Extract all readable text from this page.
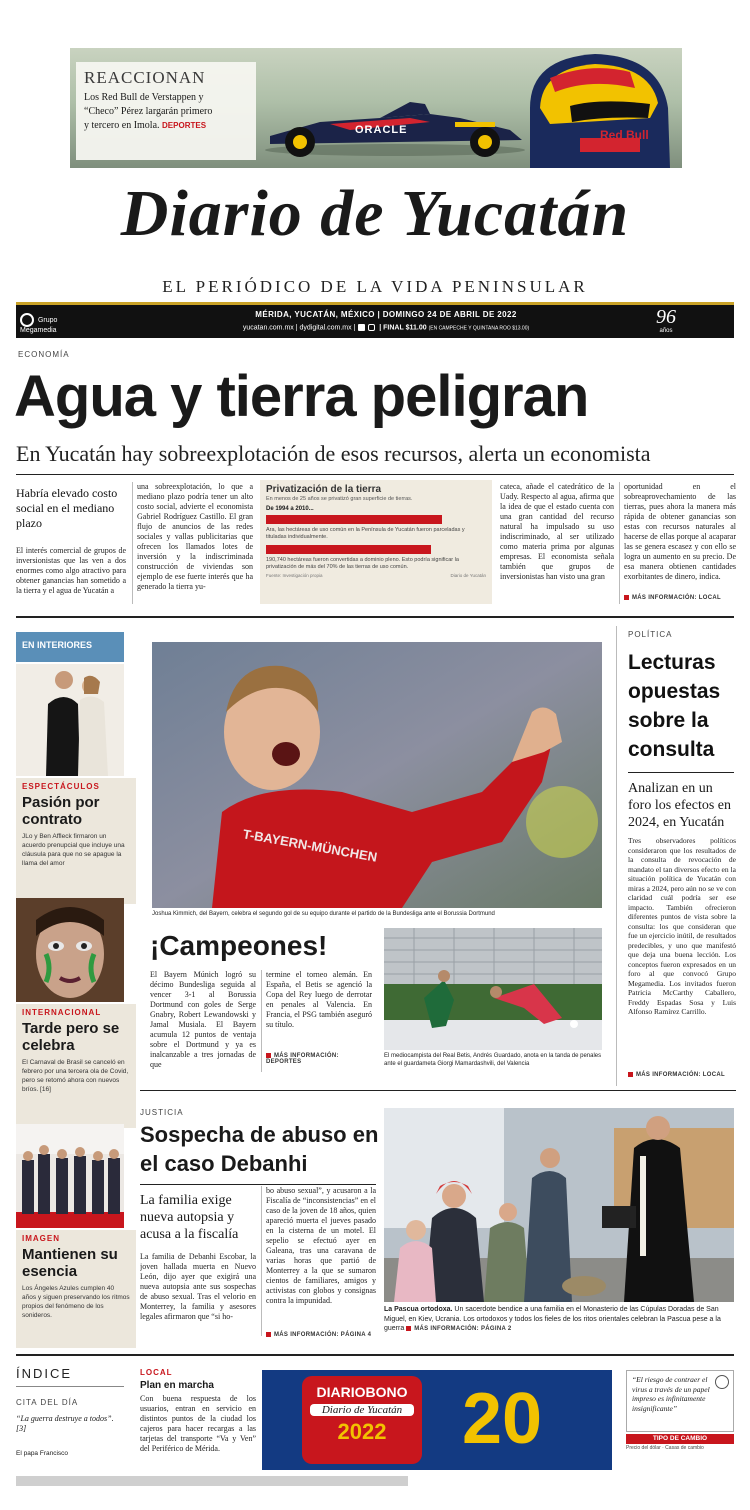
ORACLE	Red Bull
REACCIONAN
Los Red Bull de Verstappen y
“Checo” Pérez largarán primero
y tercero en Imola. DEPORTES
Diario de Yucatán
EL PERIÓDICO DE LA VIDA PENINSULAR
Grupo Megamedia
MÉRIDA, YUCATÁN, MÉXICO | DOMINGO 24 DE ABRIL DE 2022
yucatan.com.mx | dydigital.com.mx |	| FINAL $11.00 (EN CAMPECHE Y QUINTANA ROO $13.00)
96
años
ECONOMÍA
Agua y tierra peligran
En Yucatán hay sobreexplotación de esos recursos, alerta un economista
Habría elevado costo social en el mediano plazo
El interés comercial de grupos de inversionistas que las ven a dos enormes como algo atractivo para obtener ganancias han sometido a la tierra y el agua de Yucatán a
una sobreexplotación, lo que a mediano plazo podría tener un alto costo social, advierte el economista Gabriel Rodríguez Castillo. El gran flujo de anuncios de las redes sociales y vallas publicitarias que ofrecen los llamados lotes de inversión y la indiscriminada construcción de viviendas son ejemplo de ese fuerte interés que ha generado la tierra yu-
Privatización de la tierra
En menos de 25 años se privatizó gran superficie de tierras.
De 1994 a 2010...
Ara, las hectáreas de uso común en la Península de Yucatán fueron parceladas y tituladas individualmente.
190,740 hectáreas fueron convertidas a dominio pleno. Esto podría significar la privatización de más del 70% de las tierras de uso común.
Fuente: Investigación propia	Diario de Yucatán
cateca, añade el catedrático de la Uady. Respecto al agua, afirma que la idea de que el estado cuenta con una gran cantidad del recurso natural ha impulsado su uso indiscriminado, al ser utilizado como materia prima por algunas empresas. El economista señala también que grupos de inversionistas han visto una gran
oportunidad en el sobreaprovechamiento de las tierras, pues ahora la manera más rápida de obtener ganancias son estas con recursos naturales al hacerse de ellas porque al acaparar las se genera escasez y con ello se logra un aumento en su precio. De esa manera obtienen cantidades exorbitantes de dinero, indica.
MÁS INFORMACIÓN: LOCAL
EN INTERIORES
ESPECTÁCULOS
Pasión por contrato
JLo y Ben Affleck firmaron un acuerdo prenupcial que incluye una cláusula para que no se apague la llama del amor
INTERNACIONAL
Tarde pero se celebra
El Carnaval de Brasil se canceló en febrero por una tercera ola de Covid, pero se retomó ahora con nuevos bríos. [16]
IMAGEN
Mantienen su esencia
Los Ángeles Azules cumplen 40 años y siguen preservando los ritmos propios del fenómeno de los sonideros.
T-BAYERN-MÜNCHEN
Joshua Kimmich, del Bayern, celebra el segundo gol de su equipo durante el partido de la Bundesliga ante el Borussia Dortmund
¡Campeones!
El Bayern Múnich logró su décimo Bundesliga seguida al vencer 3-1 al Borussia Dortmund con goles de Serge Gnabry, Robert Lewandowski y Jamal Musiala. El Bayern acumula 12 puntos de ventaja sobre el Dortmund y ya es inalcanzable a tres jornadas de que
termine el torneo alemán. En España, el Betis se agenció la Copa del Rey luego de derrotar en penales al Valencia. En Francia, el PSG también aseguró su título.
MÁS INFORMACIÓN: DEPORTES
El mediocampista del Real Betis, Andrés Guardado, anota en la tanda de penales ante el guardameta Giorgi Mamardashvili, del Valencia
POLÍTICA
Lecturas opuestas sobre la consulta
Analizan en un foro los efectos en 2024, en Yucatán
Tres observadores políticos consideraron que los resultados de la consulta de revocación de mandato el tan diversos efecto en la situación política de Yucatán con miras a 2024, pero aún no se ve con claridad cuál podría ser ese impacto. También ofrecieron diferentes puntos de vista sobre la consulta: los que consideran que fue un ejercicio inútil, de resultados predecibles, y uno que manifestó que deja una buena lección. Los conceptos fueron expresados en un foro al que convocó Grupo Megamedia. Los invitados fueron Patricia McCarthy Caballero, Freddy Espadas Sosa y Luis Alfonso Ramírez Carrillo.
MÁS INFORMACIÓN: LOCAL
JUSTICIA
Sospecha de abuso en el caso Debanhi
La familia exige nueva autopsia y acusa a la fiscalía
La familia de Debanhi Escobar, la joven hallada muerta en Nuevo León, dijo ayer que exigirá una nueva autopsia ante sus sospechas de abuso sexual. Tras el velorio en Monterrey, la familia y asesores legales afirmaron que “si ho-
bo abuso sexual”, y acusaron a la Fiscalía de “inconsistencias” en el caso de la joven de 18 años, quien apareció muerta el jueves pasado en la cisterna de un motel. El sepelio se efectuó ayer en Galeana, tras una caravana de varias horas que partió de Monterrey a la que se sumaron cientos de familiares, amigos y activistas con globos y consignas contra la impunidad.
MÁS INFORMACIÓN: PÁGINA 4
La Pascua ortodoxa. Un sacerdote bendice a una familia en el Monasterio de las Cúpulas Doradas de San Miguel, en Kiev, Ucrania. Los ortodoxos y todos los fieles de los ritos orientales celebran la Pascua pese a la guerra MÁS INFORMACIÓN: PÁGINA 2
ÍNDICE
CITA DEL DÍA
“La guerra destruye a todos”. [3]
El papa Francisco
LOCAL
Plan en marcha
Con buena respuesta de los usuarios, entran en servicio en distintos puntos de la ciudad los cajeros para hacer recargas a las tarjetas del transporte “Va y Ven” del Periférico de Mérida.
DIARIOBONO
Diario de Yucatán
2022	20	“El riesgo de contraer el virus a través de un papel impreso es infinitamente insignificante”
TIPO DE CAMBIO
Precio del dólar · Casas de cambio
